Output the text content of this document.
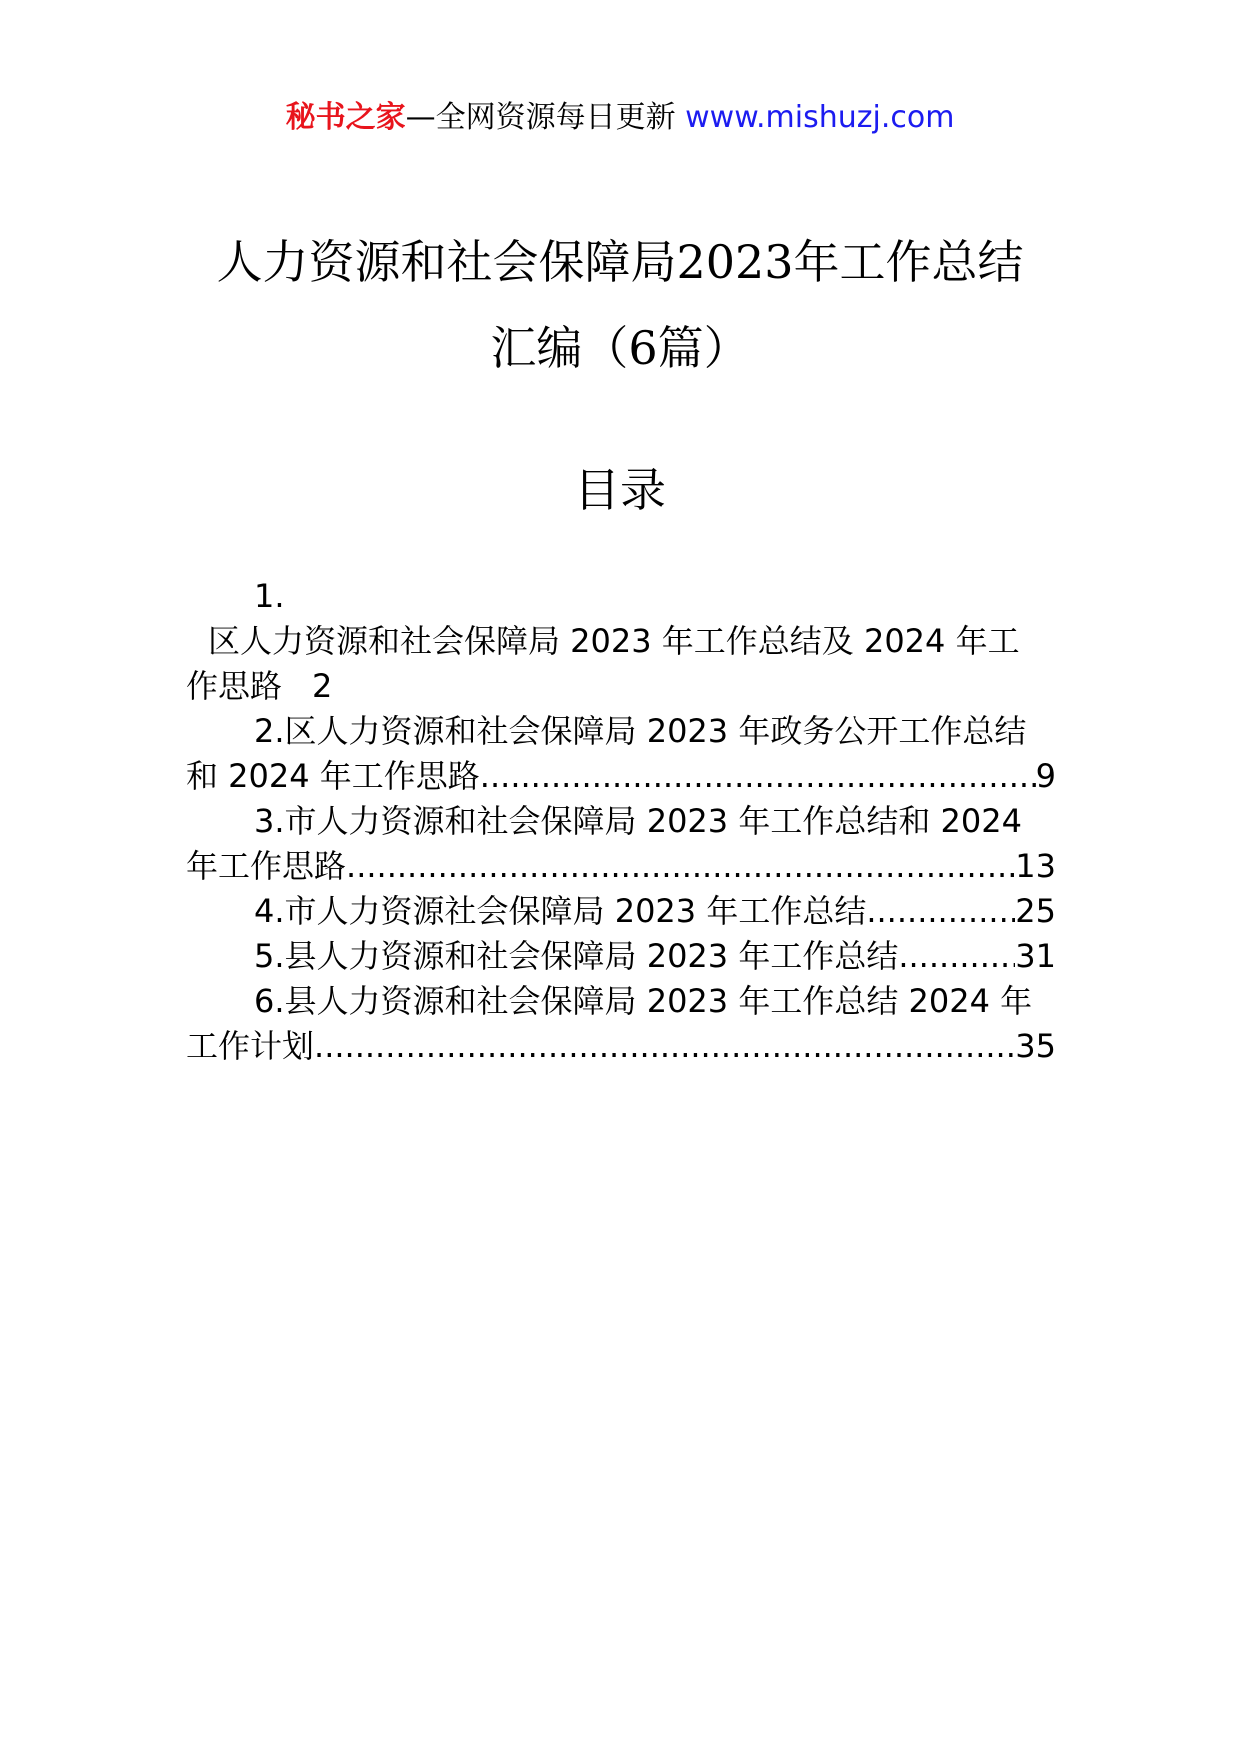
秘书之家—全网资源每日更新 www.mishuzj.com
人力资源和社会保障局2023年工作总结
汇编（6篇）
目录
1.
区人力资源和社会保障局 2023 年工作总结及 2024 年工
作思路 2
2.区人力资源和社会保障局 2023 年政务公开工作总结
和 2024 年工作思路 .....	9
3.市人力资源和社会保障局 2023 年工作总结和 2024
年工作思路 .....	13
4.市人力资源社会保障局 2023 年工作总结 .....	25
5.县人力资源和社会保障局 2023 年工作总结 .....	31
6.县人力资源和社会保障局 2023 年工作总结 2024 年
工作计划 .....	35
